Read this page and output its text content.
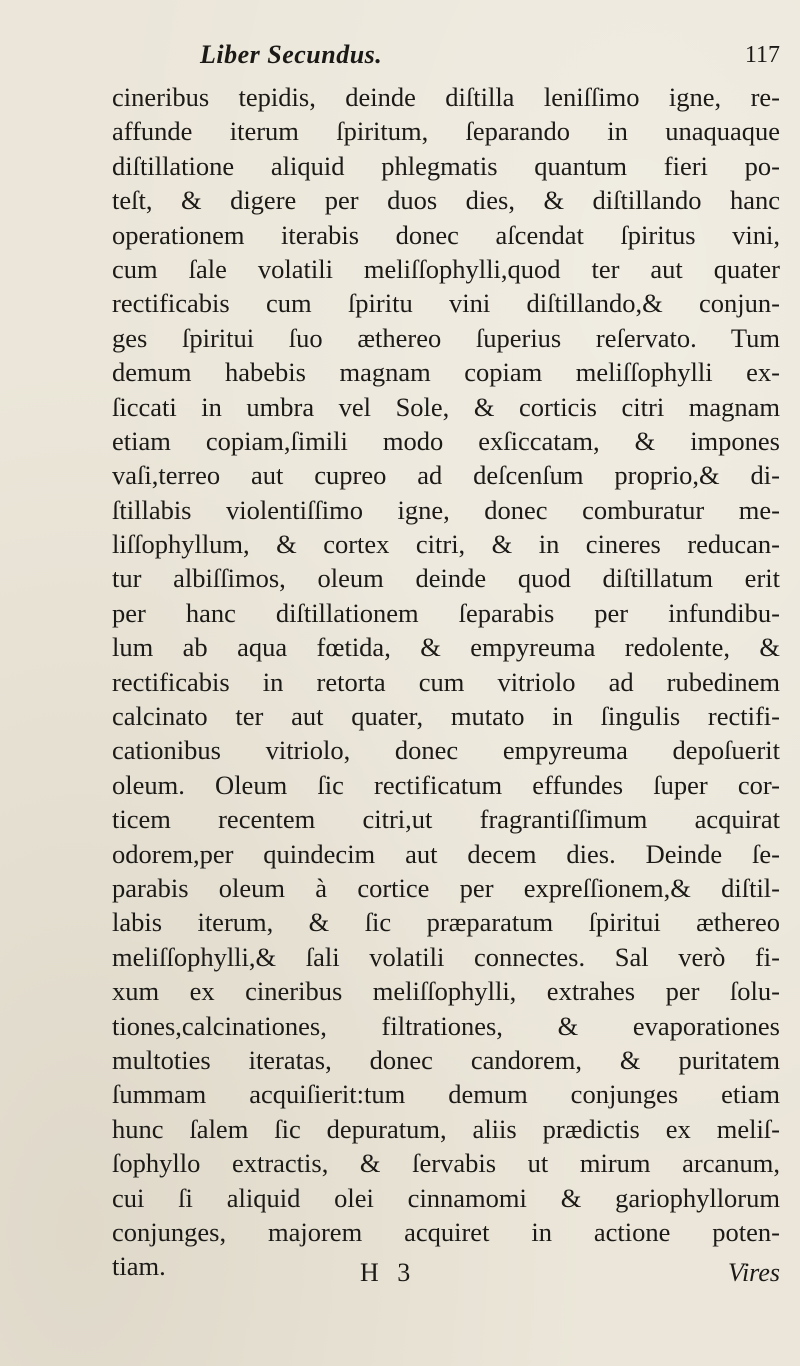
Liber Secundus.	117
cineribus tepidis, deinde diſtilla leniſſimo igne, re-
affunde iterum ſpiritum, ſeparando in unaquaque
diſtillatione aliquid phlegmatis quantum fieri po-
teſt, & digere per duos dies, & diſtillando hanc
operationem iterabis donec aſcendat ſpiritus vini,
cum ſale volatili meliſſophylli,quod ter aut quater
rectificabis cum ſpiritu vini diſtillando,& conjun-
ges ſpiritui ſuo æthereo ſuperius reſervato. Tum
demum habebis magnam copiam meliſſophylli ex-
ſiccati in umbra vel Sole, & corticis citri magnam
etiam copiam,ſimili modo exſiccatam, & impones
vaſi,terreo aut cupreo ad deſcenſum proprio,& di-
ſtillabis violentiſſimo igne, donec comburatur me-
liſſophyllum, & cortex citri, & in cineres reducan-
tur albiſſimos, oleum deinde quod diſtillatum erit
per hanc diſtillationem ſeparabis per infundibu-
lum ab aqua fœtida, & empyreuma redolente, &
rectificabis in retorta cum vitriolo ad rubedinem
calcinato ter aut quater, mutato in ſingulis rectifi-
cationibus vitriolo, donec empyreuma depoſuerit
oleum. Oleum ſic rectificatum effundes ſuper cor-
ticem recentem citri,ut fragrantiſſimum acquirat
odorem,per quindecim aut decem dies. Deinde ſe-
parabis oleum à cortice per expreſſionem,& diſtil-
labis iterum, & ſic præparatum ſpiritui æthereo
meliſſophylli,& ſali volatili connectes. Sal verò fi-
xum ex cineribus meliſſophylli, extrahes per ſolu-
tiones,calcinationes, filtrationes, & evaporationes
multoties iteratas, donec candorem, & puritatem
ſummam acquiſierit:tum demum conjunges etiam
hunc ſalem ſic depuratum, aliis prædictis ex meliſ-
ſophyllo extractis, & ſervabis ut mirum arcanum,
cui ſi aliquid olei cinnamomi & gariophyllorum
conjunges, majorem acquiret in actione poten-
tiam.	H 3	Vires
